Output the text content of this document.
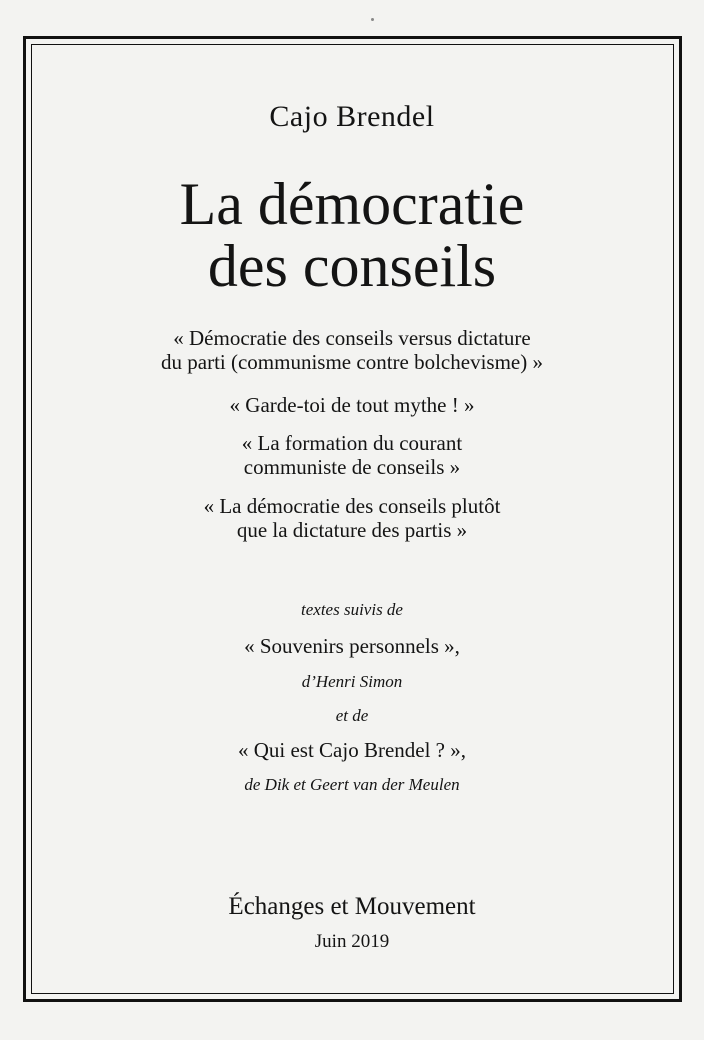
Cajo Brendel

La démocratie

des conseils

« Démocratie des conseils versus dictature

du parti (communisme contre bolchevisme) »

« Garde-toi de tout mythe ! »

« La formation du courant

communiste de conseils »

« La démocratie des conseils plutôt

que la dictature des partis »

textes suivis de

« Souvenirs personnels »,

d’Henri Simon

et de

« Qui est Cajo Brendel ? »,

de Dik et Geert van der Meulen

Échanges et Mouvement

Juin 2019
